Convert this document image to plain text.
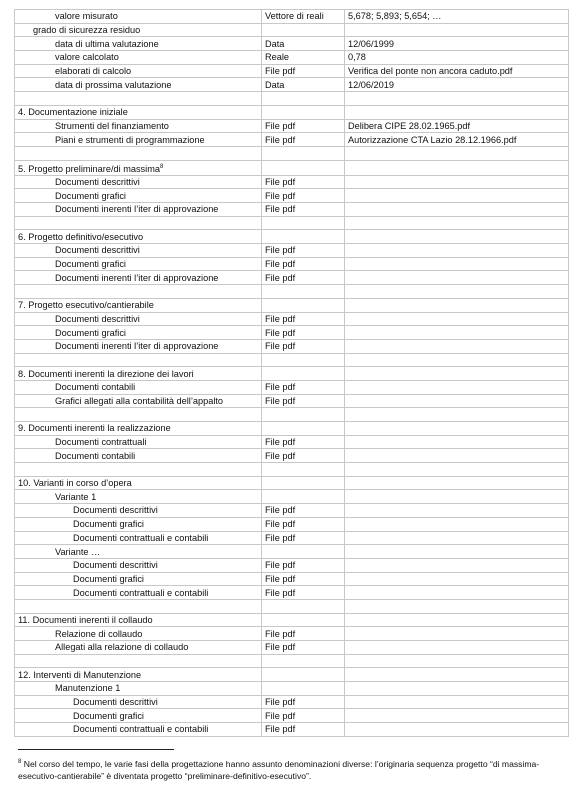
valore misurato	Vettore di reali	5,678; 5,893; 5,654; …
grado di sicurezza residuo		
data di ultima valutazione	Data	12/06/1999
valore calcolato	Reale	0,78
elaborati di calcolo	File pdf	Verifica del ponte non ancora caduto.pdf
data di prossima valutazione	Data	12/06/2019

4. Documentazione iniziale		
Strumenti del finanziamento	File pdf	Delibera CIPE 28.02.1965.pdf
Piani e strumenti di programmazione	File pdf	Autorizzazione CTA Lazio 28.12.1966.pdf

5. Progetto preliminare/di massima$^8$		
Documenti descrittivi	File pdf	
Documenti grafici	File pdf	
Documenti inerenti l’iter di approvazione	File pdf	

6. Progetto definitivo/esecutivo		
Documenti descrittivi	File pdf	
Documenti grafici	File pdf	
Documenti inerenti l’iter di approvazione	File pdf	

7. Progetto esecutivo/cantierabile		
Documenti descrittivi	File pdf	
Documenti grafici	File pdf	
Documenti inerenti l’iter di approvazione	File pdf	

8. Documenti inerenti la direzione dei lavori		
Documenti contabili	File pdf	
Grafici allegati alla contabilità dell’appalto	File pdf	

9. Documenti inerenti la realizzazione		
Documenti contrattuali	File pdf	
Documenti contabili	File pdf	

10. Varianti in corso d’opera		
Variante 1		
Documenti descrittivi	File pdf	
Documenti grafici	File pdf	
Documenti contrattuali e contabili	File pdf	
Variante …		
Documenti descrittivi	File pdf	
Documenti grafici	File pdf	
Documenti contrattuali e contabili	File pdf	

11. Documenti inerenti il collaudo		
Relazione di collaudo	File pdf	
Allegati alla relazione di collaudo	File pdf	

12. Interventi di Manutenzione		
Manutenzione 1		
Documenti descrittivi	File pdf	
Documenti grafici	File pdf	
Documenti contrattuali e contabili	File pdf	
$^8$ Nel corso del tempo, le varie fasi della progettazione hanno assunto denominazioni diverse: l’originaria sequenza progetto “di massima-esecutivo-cantierabile” è diventata progetto “preliminare-definitivo-esecutivo”.
